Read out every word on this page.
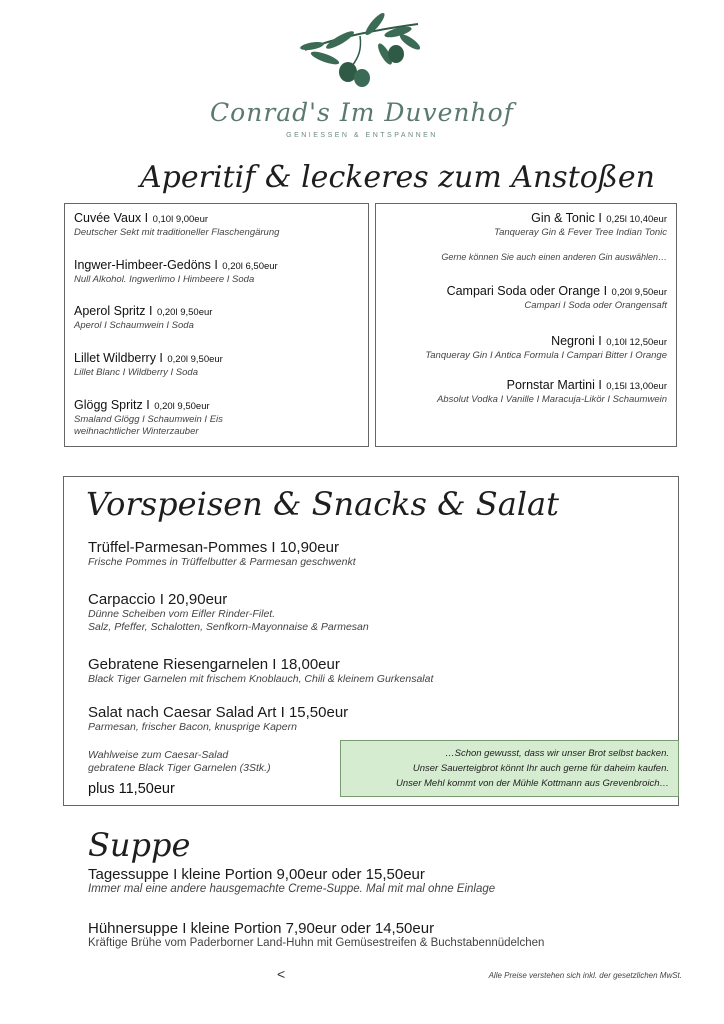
Conrad's Im Duvenhof
GENIESSEN & ENTSPANNEN
Aperitif & leckeres zum Anstoßen
Cuvée Vaux I 0,10l 9,00eur
Deutscher Sekt mit traditioneller Flaschengärung
Ingwer-Himbeer-Gedöns I 0,20l 6,50eur
Null Alkohol. Ingwerlimo I Himbeere I Soda
Aperol Spritz I 0,20l 9,50eur
Aperol I Schaumwein I Soda
Lillet Wildberry I 0,20l 9,50eur
Lillet Blanc I Wildberry I Soda
Glögg Spritz I 0,20l 9,50eur
Smaland Glögg I Schaumwein I Eis
weihnachtlicher Winterzauber
Gin & Tonic I 0,25l 10,40eur
Tanqueray Gin & Fever Tree Indian Tonic
Gerne können Sie auch einen anderen Gin auswählen…
Campari Soda oder Orange I 0,20l 9,50eur
Campari I Soda oder Orangensaft
Negroni I 0,10l 12,50eur
Tanqueray Gin I Antica Formula I Campari Bitter I Orange
Pornstar Martini I 0,15l 13,00eur
Absolut Vodka I Vanille I Maracuja-Likör I Schaumwein
Vorspeisen & Snacks & Salat
Trüffel-Parmesan-Pommes I 10,90eur
Frische Pommes in Trüffelbutter & Parmesan geschwenkt
Carpaccio I 20,90eur
Dünne Scheiben vom Eifler Rinder-Filet.
Salz, Pfeffer, Schalotten, Senfkorn-Mayonnaise & Parmesan
Gebratene Riesengarnelen I 18,00eur
Black Tiger Garnelen mit frischem Knoblauch, Chili & kleinem Gurkensalat
Salat nach Caesar Salad Art I 15,50eur
Parmesan, frischer Bacon, knusprige Kapern
Wahlweise zum Caesar-Salad
gebratene Black Tiger Garnelen (3Stk.)
plus 11,50eur
…Schon gewusst, dass wir unser Brot selbst backen.
Unser Sauerteigbrot könnt Ihr auch gerne für daheim kaufen.
Unser Mehl kommt von der Mühle Kottmann aus Grevenbroich…
Suppe
Tagessuppe I kleine Portion 9,00eur oder 15,50eur
Immer mal eine andere hausgemachte Creme-Suppe. Mal mit mal ohne Einlage
Hühnersuppe I kleine Portion 7,90eur oder 14,50eur
Kräftige Brühe vom Paderborner Land-Huhn mit Gemüsestreifen & Buchstabennüdelchen
<	Alle Preise verstehen sich inkl. der gesetzlichen MwSt.
